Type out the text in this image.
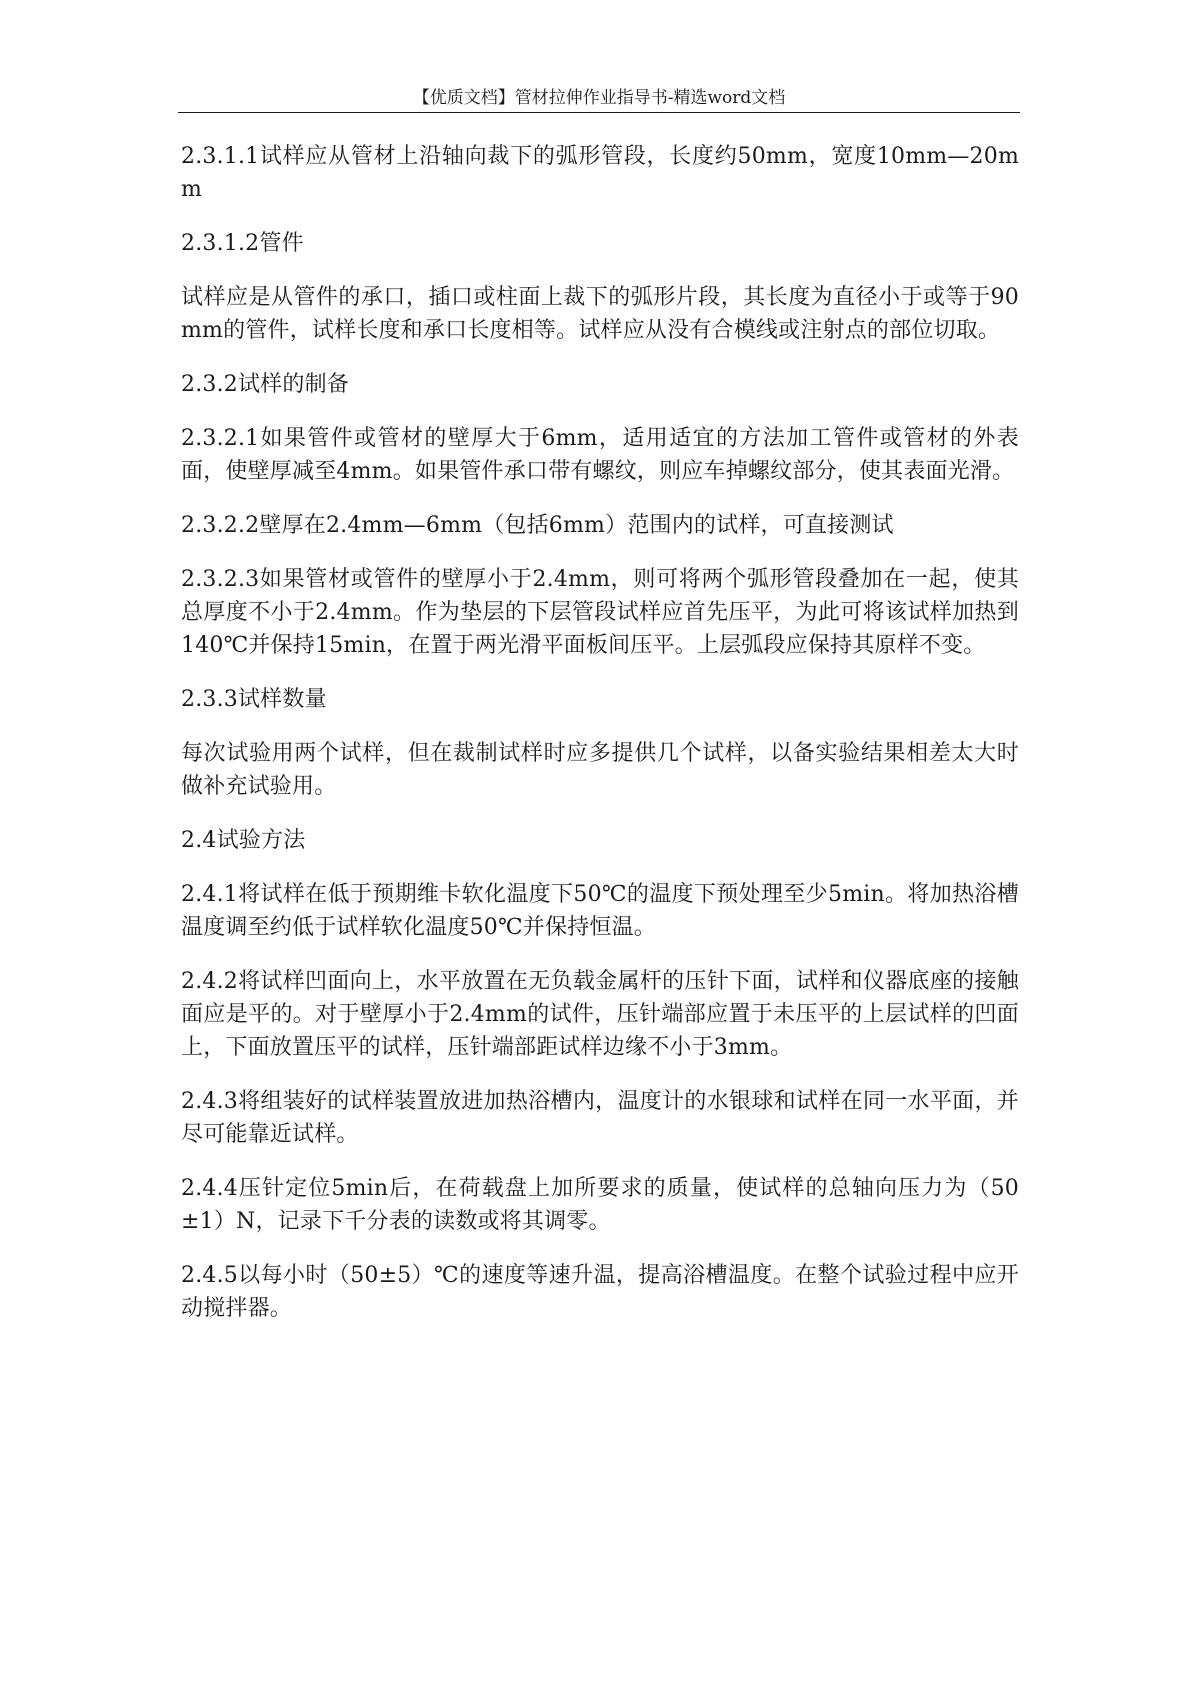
【优质文档】管材拉伸作业指导书-精选word文档

2.3.1.1试样应从管材上沿轴向裁下的弧形管段，长度约50mm，宽度10mm—20mm

2.3.1.2管件

试样应是从管件的承口，插口或柱面上裁下的弧形片段，其长度为直径小于或等于90mm的管件，试样长度和承口长度相等。试样应从没有合模线或注射点的部位切取。

2.3.2试样的制备

2.3.2.1如果管件或管材的壁厚大于6mm，适用适宜的方法加工管件或管材的外表面，使壁厚减至4mm。如果管件承口带有螺纹，则应车掉螺纹部分，使其表面光滑。

2.3.2.2壁厚在2.4mm—6mm（包括6mm）范围内的试样，可直接测试

2.3.2.3如果管材或管件的壁厚小于2.4mm，则可将两个弧形管段叠加在一起，使其总厚度不小于2.4mm。作为垫层的下层管段试样应首先压平，为此可将该试样加热到140℃并保持15min，在置于两光滑平面板间压平。上层弧段应保持其原样不变。

2.3.3试样数量

每次试验用两个试样，但在裁制试样时应多提供几个试样，以备实验结果相差太大时做补充试验用。

2.4试验方法

2.4.1将试样在低于预期维卡软化温度下50℃的温度下预处理至少5min。将加热浴槽温度调至约低于试样软化温度50℃并保持恒温。

2.4.2将试样凹面向上，水平放置在无负载金属杆的压针下面，试样和仪器底座的接触面应是平的。对于壁厚小于2.4mm的试件，压针端部应置于未压平的上层试样的凹面上，下面放置压平的试样，压针端部距试样边缘不小于3mm。

2.4.3将组装好的试样装置放进加热浴槽内，温度计的水银球和试样在同一水平面，并尽可能靠近试样。

2.4.4压针定位5min后，在荷载盘上加所要求的质量，使试样的总轴向压力为（50±1）N，记录下千分表的读数或将其调零。

2.4.5以每小时（50±5）℃的速度等速升温，提高浴槽温度。在整个试验过程中应开动搅拌器。
